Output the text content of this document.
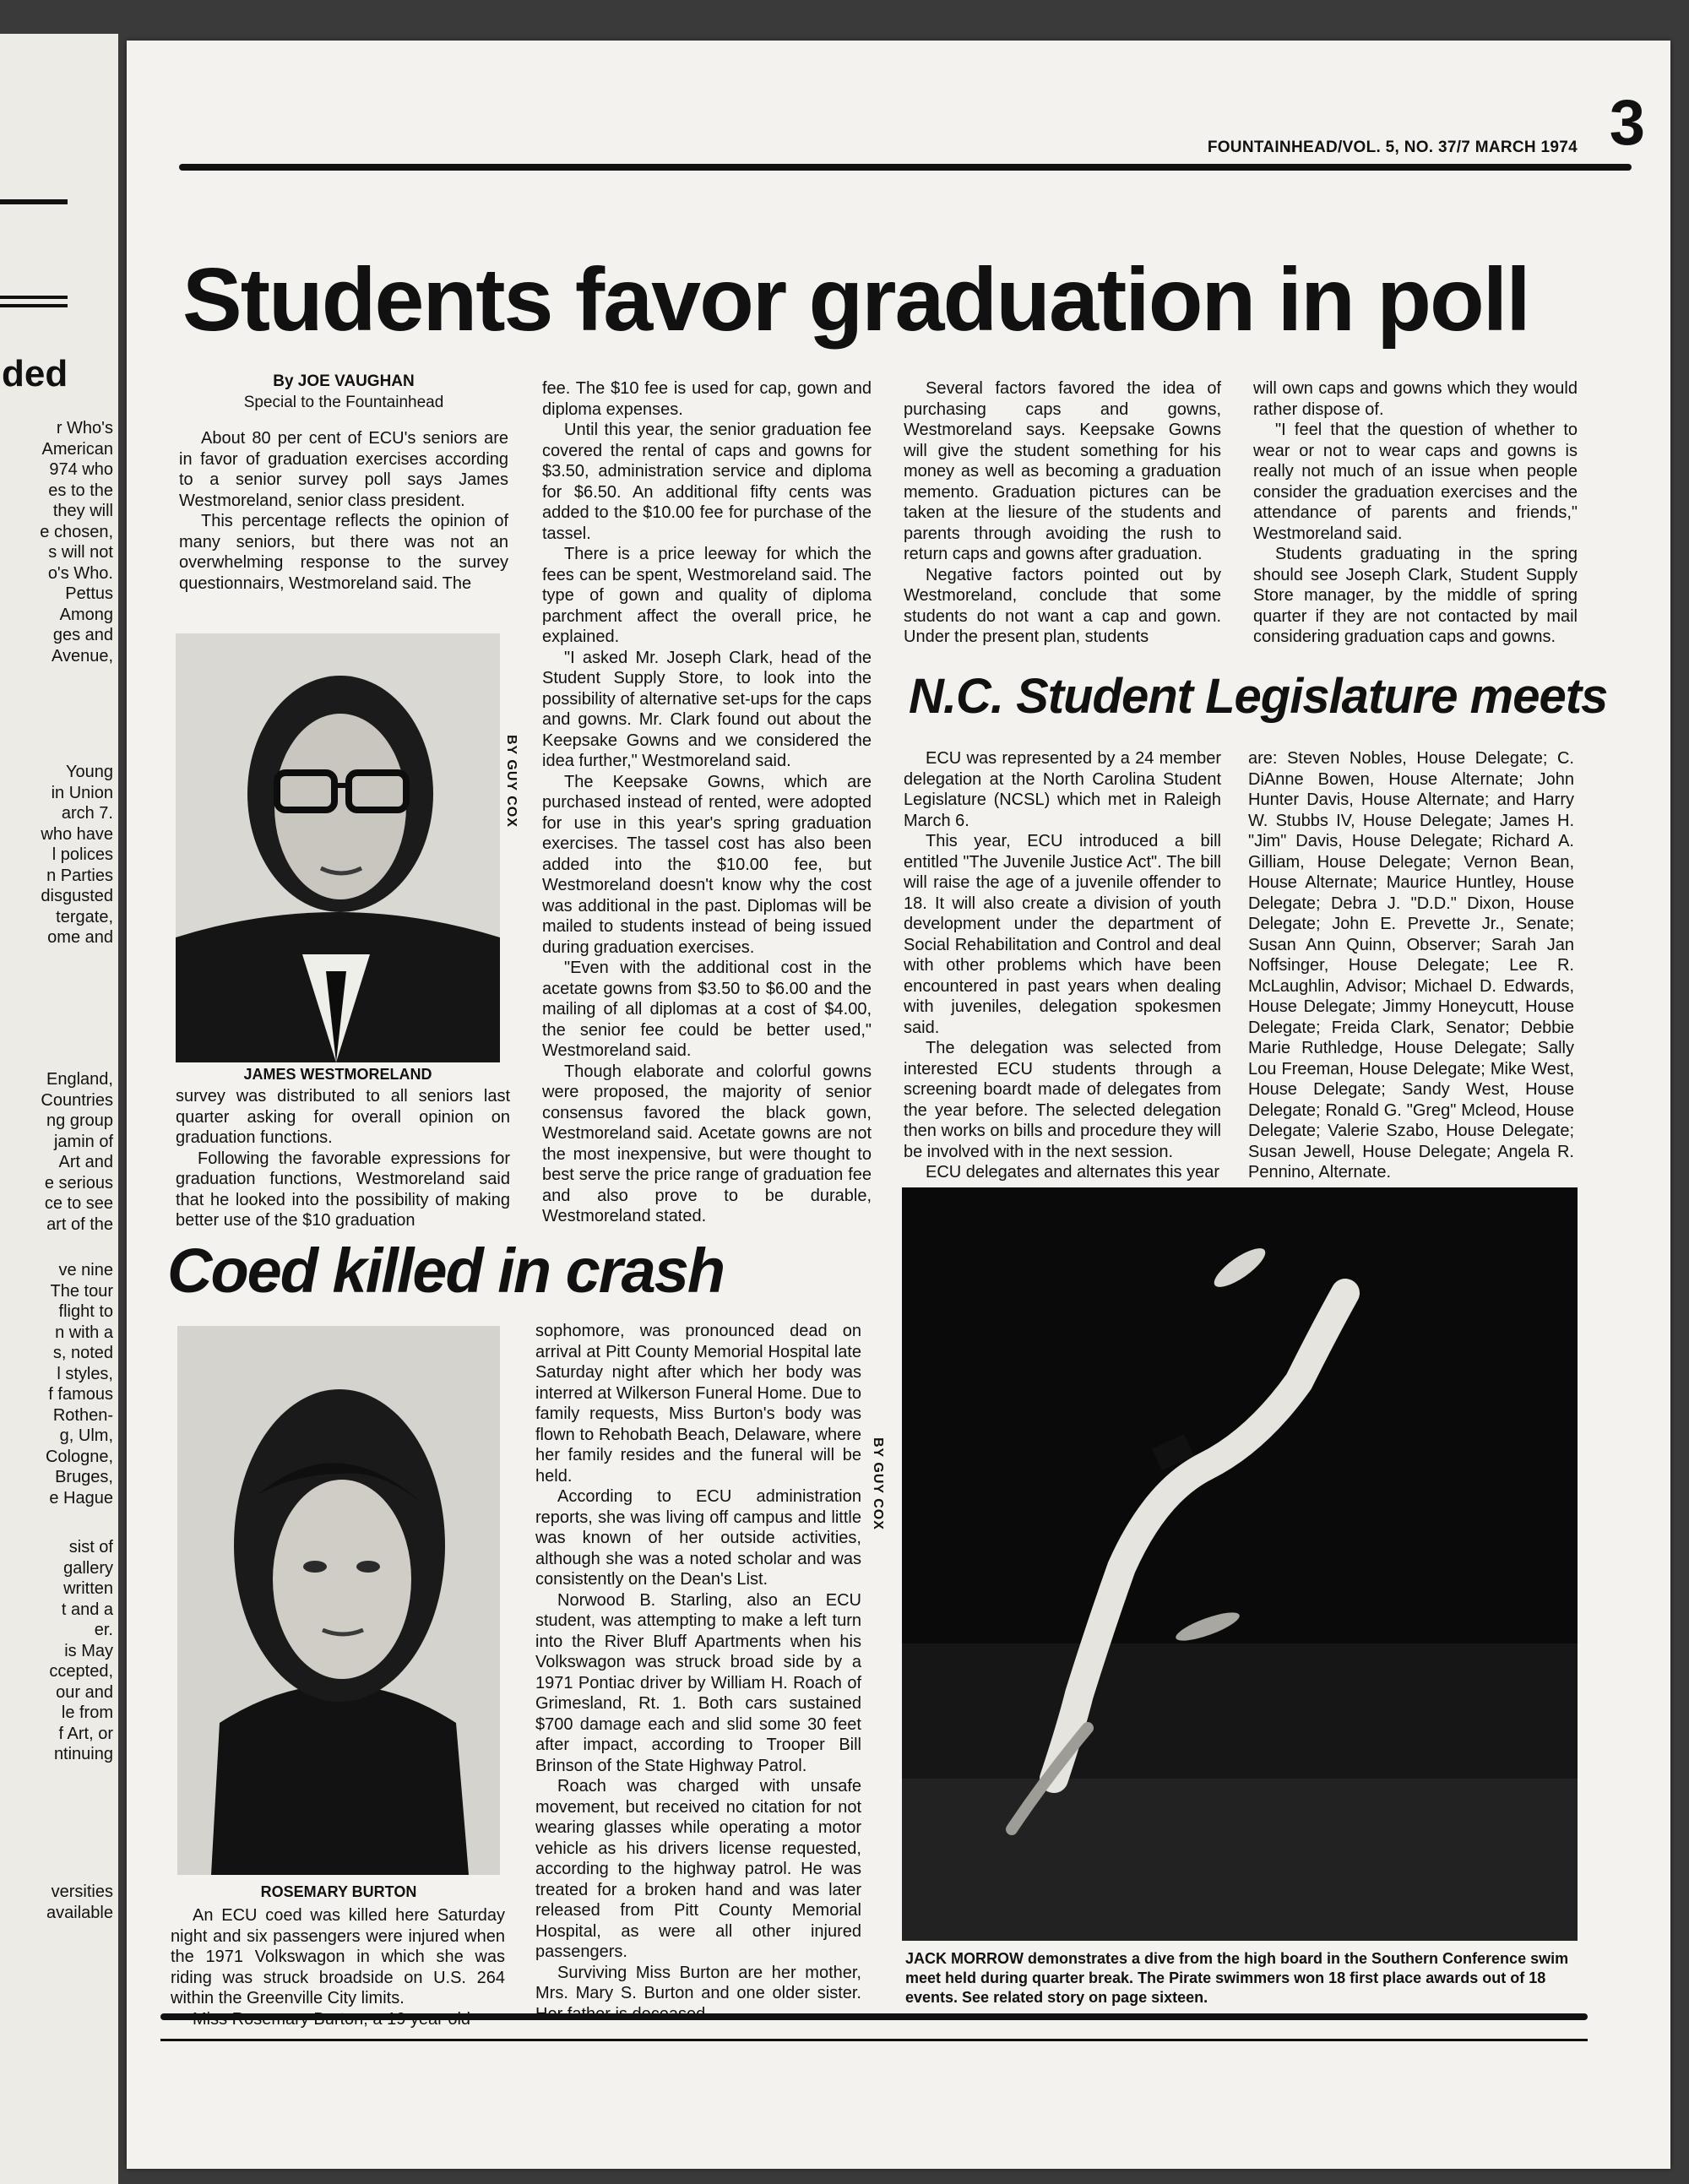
ded
r Who's
American
974 who
es to the
they will
e chosen,
s will not
o's Who.
Pettus
Among
ges and
Avenue,
Young
in Union
arch 7.
who have
l polices
n Parties
disgusted
tergate,
ome and
England,
Countries
ng group
jamin of
Art and
e serious
ce to see
art of the
ve nine
The tour
flight to
n with a
s, noted
l styles,
f famous
Rothen-
g, Ulm,
Cologne,
Bruges,
e Hague
sist of
gallery
written
t and a
er.
is May
ccepted,
our and
le from
f Art, or
ntinuing
versities
available
FOUNTAINHEAD/VOL. 5, NO. 37/7 MARCH 1974 3
Students favor graduation in poll
By JOE VAUGHAN
Special to the Fountainhead

About 80 per cent of ECU's seniors are in favor of graduation exercises according to a senior survey poll says James Westmoreland, senior class president.

This percentage reflects the opinion of many seniors, but there was not an overwhelming response to the survey questionnairs, Westmoreland said. The

BY GUY COX
JAMES WESTMORELAND

survey was distributed to all seniors last quarter asking for overall opinion on graduation functions.

Following the favorable expressions for graduation functions, Westmoreland said that he looked into the possibility of making better use of the $10 graduation

fee. The $10 fee is used for cap, gown and diploma expenses.

Until this year, the senior graduation fee covered the rental of caps and gowns for $3.50, administration service and diploma for $6.50. An additional fifty cents was added to the $10.00 fee for purchase of the tassel.

There is a price leeway for which the fees can be spent, Westmoreland said. The type of gown and quality of diploma parchment affect the overall price, he explained.

"I asked Mr. Joseph Clark, head of the Student Supply Store, to look into the possibility of alternative set-ups for the caps and gowns. Mr. Clark found out about the Keepsake Gowns and we considered the idea further," Westmoreland said.

The Keepsake Gowns, which are purchased instead of rented, were adopted for use in this year's spring graduation exercises. The tassel cost has also been added into the $10.00 fee, but Westmoreland doesn't know why the cost was additional in the past. Diplomas will be mailed to students instead of being issued during graduation exercises.

"Even with the additional cost in the acetate gowns from $3.50 to $6.00 and the mailing of all diplomas at a cost of $4.00, the senior fee could be better used," Westmoreland said.

Though elaborate and colorful gowns were proposed, the majority of senior consensus favored the black gown, Westmoreland said. Acetate gowns are not the most inexpensive, but were thought to best serve the price range of graduation fee and also prove to be durable, Westmoreland stated.

Several factors favored the idea of purchasing caps and gowns, Westmoreland says. Keepsake Gowns will give the student something for his money as well as becoming a graduation memento. Graduation pictures can be taken at the liesure of the students and parents through avoiding the rush to return caps and gowns after graduation.

Negative factors pointed out by Westmoreland, conclude that some students do not want a cap and gown. Under the present plan, students

will own caps and gowns which they would rather dispose of.

"I feel that the question of whether to wear or not to wear caps and gowns is really not much of an issue when people consider the graduation exercises and the attendance of parents and friends," Westmoreland said.

Students graduating in the spring should see Joseph Clark, Student Supply Store manager, by the middle of spring quarter if they are not contacted by mail considering graduation caps and gowns.

N.C. Student Legislature meets

ECU was represented by a 24 member delegation at the North Carolina Student Legislature (NCSL) which met in Raleigh March 6.

This year, ECU introduced a bill entitled "The Juvenile Justice Act". The bill will raise the age of a juvenile offender to 18. It will also create a division of youth development under the department of Social Rehabilitation and Control and deal with other problems which have been encountered in past years when dealing with juveniles, delegation spokesmen said.

The delegation was selected from interested ECU students through a screening boardt made of delegates from the year before. The selected delegation then works on bills and procedure they will be involved with in the next session.

ECU delegates and alternates this year

are: Steven Nobles, House Delegate; C. DiAnne Bowen, House Alternate; John Hunter Davis, House Alternate; and Harry W. Stubbs IV, House Delegate; James H. "Jim" Davis, House Delegate; Richard A. Gilliam, House Delegate; Vernon Bean, House Alternate; Maurice Huntley, House Delegate; Debra J. "D.D." Dixon, House Delegate; John E. Prevette Jr., Senate; Susan Ann Quinn, Observer; Sarah Jan Noffsinger, House Delegate; Lee R. McLaughlin, Advisor; Michael D. Edwards, House Delegate; Jimmy Honeycutt, House Delegate; Freida Clark, Senator; Debbie Marie Ruthledge, House Delegate; Sally Lou Freeman, House Delegate; Mike West, House Delegate; Sandy West, House Delegate; Ronald G. "Greg" Mcleod, House Delegate; Valerie Szabo, House Delegate; Susan Jewell, House Delegate; Angela R. Pennino, Alternate.

Coed killed in crash
ROSEMARY BURTON

An ECU coed was killed here Saturday night and six passengers were injured when the 1971 Volkswagon in which she was riding was struck broadside on U.S. 264 within the Greenville City limits.

sophomore, was pronounced dead on arrival at Pitt County Memorial Hospital late Saturday night after which her body was interred at Wilkerson Funeral Home. Due to family requests, Miss Burton's body was flown to Rehobath Beach, Delaware, where her family resides and the funeral will be held.

According to ECU administration reports, she was living off campus and little was known of her outside activities, although she was a noted scholar and was consistently on the Dean's List.

Norwood B. Starling, also an ECU student, was attempting to make a left turn into the River Bluff Apartments when his Volkswagon was struck broad side by a 1971 Pontiac driver by William H. Roach of Grimesland, Rt. 1. Both cars sustained $700 damage each and slid some 30 feet after impact, according to Trooper Bill Brinson of the State Highway Patrol.

Roach was charged with unsafe movement, but received no citation for not wearing glasses while operating a motor vehicle as his drivers license requested, according to the highway patrol. He was treated for a broken hand and was later released from Pitt County Memorial Hospital, as were all other injured passengers.

Surviving Miss Burton are her mother, Mrs. Mary S. Burton and one older sister.

BY GUY COX
JACK MORROW demonstrates a dive from the high board in the Southern Conference swim meet held during quarter break. The Pirate swimmers won 18 first place awards out of 18 events. See related story on page sixteen.
